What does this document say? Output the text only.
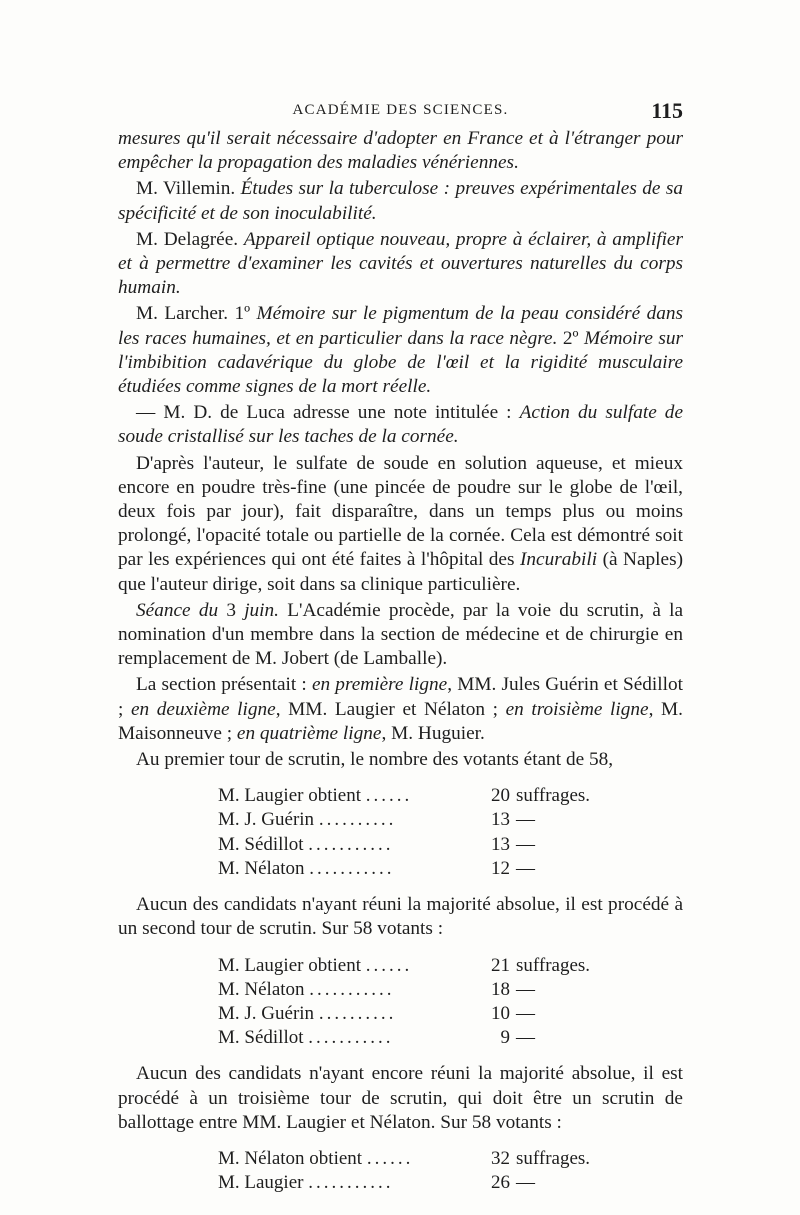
ACADÉMIE DES SCIENCES.	115

mesures qu'il serait nécessaire d'adopter en France et à l'étranger pour empêcher la propagation des maladies vénériennes.

M. Villemin. Études sur la tuberculose : preuves expérimentales de sa spécificité et de son inoculabilité.

M. Delagrée. Appareil optique nouveau, propre à éclairer, à amplifier et à permettre d'examiner les cavités et ouvertures naturelles du corps humain.

M. Larcher. 1º Mémoire sur le pigmentum de la peau considéré dans les races humaines, et en particulier dans la race nègre. 2º Mémoire sur l'imbibition cadavérique du globe de l'œil et la rigidité musculaire étudiées comme signes de la mort réelle.

— M. D. de Luca adresse une note intitulée : Action du sulfate de soude cristallisé sur les taches de la cornée.

D'après l'auteur, le sulfate de soude en solution aqueuse, et mieux encore en poudre très-fine (une pincée de poudre sur le globe de l'œil, deux fois par jour), fait disparaître, dans un temps plus ou moins prolongé, l'opacité totale ou partielle de la cornée. Cela est démontré soit par les expériences qui ont été faites à l'hôpital des Incurabili (à Naples) que l'auteur dirige, soit dans sa clinique particulière.

Séance du 3 juin. L'Académie procède, par la voie du scrutin, à la nomination d'un membre dans la section de médecine et de chirurgie en remplacement de M. Jobert (de Lamballe).

La section présentait : en première ligne, MM. Jules Guérin et Sédillot ; en deuxième ligne, MM. Laugier et Nélaton ; en troisième ligne, M. Maisonneuve ; en quatrième ligne, M. Huguier.

Au premier tour de scrutin, le nombre des votants étant de 58,

M. Laugier obtient ......	20	suffrages.
M. J. Guérin ..........	13	—
M. Sédillot ...........	13	—
M. Nélaton ...........	12	—

Aucun des candidats n'ayant réuni la majorité absolue, il est procédé à un second tour de scrutin. Sur 58 votants :

M. Laugier obtient ......	21	suffrages.
M. Nélaton ...........	18	—
M. J. Guérin ..........	10	—
M. Sédillot ...........	9	—

Aucun des candidats n'ayant encore réuni la majorité absolue, il est procédé à un troisième tour de scrutin, qui doit être un scrutin de ballottage entre MM. Laugier et Nélaton. Sur 58 votants :

M. Nélaton obtient ......	32	suffrages.
M. Laugier ...........	26	—
